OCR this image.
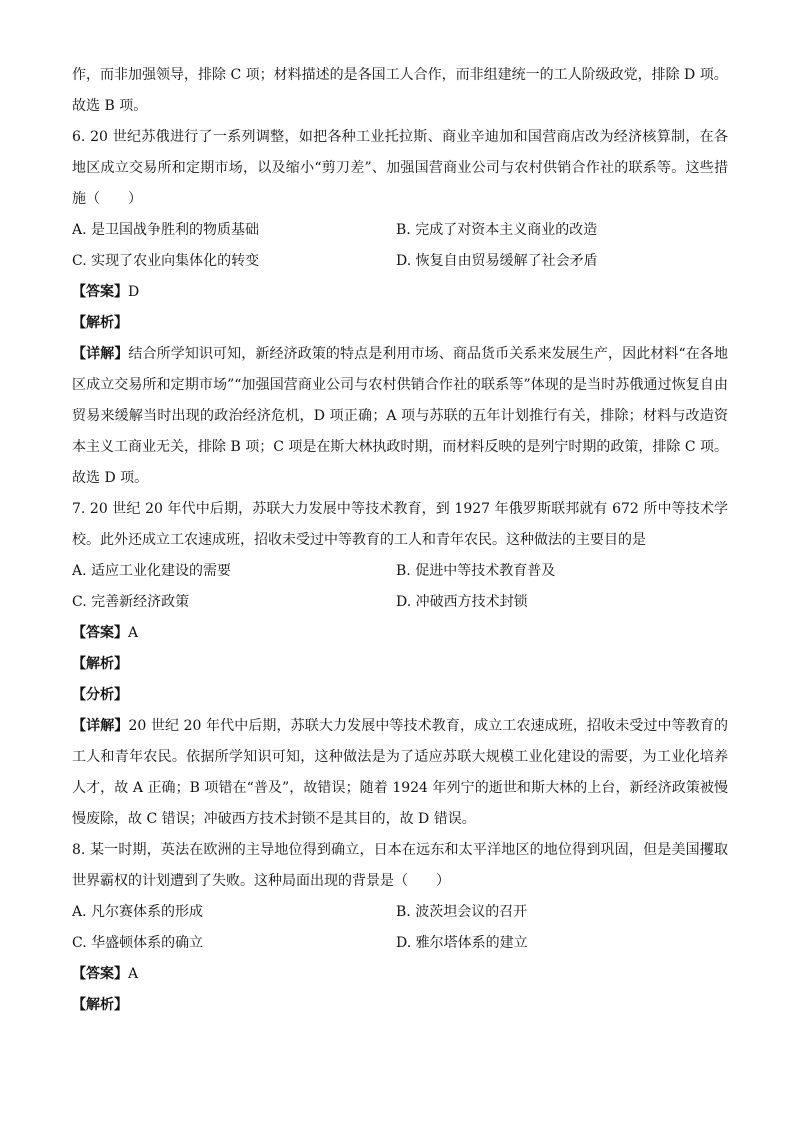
作，而非加强领导，排除 C 项；材料描述的是各国工人合作，而非组建统一的工人阶级政党，排除 D 项。
故选 B 项。
6. 20 世纪苏俄进行了一系列调整，如把各种工业托拉斯、商业辛迪加和国营商店改为经济核算制，在各地区成立交易所和定期市场，以及缩小“剪刀差”、加强国营商业公司与农村供销合作社的联系等。这些措施（　　）
A. 是卫国战争胜利的物质基础	B. 完成了对资本主义商业的改造
C. 实现了农业向集体化的转变	D. 恢复自由贸易缓解了社会矛盾
【答案】D
【解析】
【详解】结合所学知识可知，新经济政策的特点是利用市场、商品货币关系来发展生产，因此材料“在各地区成立交易所和定期市场”“加强国营商业公司与农村供销合作社的联系等”体现的是当时苏俄通过恢复自由贸易来缓解当时出现的政治经济危机，D 项正确；A 项与苏联的五年计划推行有关，排除；材料与改造资本主义工商业无关，排除 B 项；C 项是在斯大林执政时期，而材料反映的是列宁时期的政策，排除 C 项。故选 D 项。
7. 20 世纪 20 年代中后期，苏联大力发展中等技术教育，到 1927 年俄罗斯联邦就有 672 所中等技术学校。此外还成立工农速成班，招收未受过中等教育的工人和青年农民。这种做法的主要目的是
A. 适应工业化建设的需要	B. 促进中等技术教育普及
C. 完善新经济政策	D. 冲破西方技术封锁
【答案】A
【解析】
【分析】
【详解】20 世纪 20 年代中后期，苏联大力发展中等技术教育，成立工农速成班，招收未受过中等教育的工人和青年农民。依据所学知识可知，这种做法是为了适应苏联大规模工业化建设的需要，为工业化培养人才，故 A 正确；B 项错在“普及”，故错误；随着 1924 年列宁的逝世和斯大林的上台，新经济政策被慢慢废除，故 C 错误；冲破西方技术封锁不是其目的，故 D 错误。
8. 某一时期，英法在欧洲的主导地位得到确立，日本在远东和太平洋地区的地位得到巩固，但是美国攫取世界霸权的计划遭到了失败。这种局面出现的背景是（　　）
A. 凡尔赛体系的形成	B. 波茨坦会议的召开
C. 华盛顿体系的确立	D. 雅尔塔体系的建立
【答案】A
【解析】
